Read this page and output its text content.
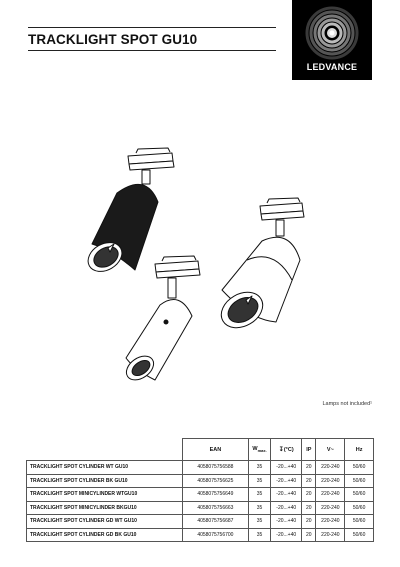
TRACKLIGHT SPOT GU10
LEDVANCE
Lamps not included¹
	EAN	$W_{max.}$	↧(°C)	IP	V~	Hz
TRACKLIGHT SPOT CYLINDER WT GU10	4058075756588	35	-20...+40	20	220-240	50/60
TRACKLIGHT SPOT CYLINDER BK GU10	4058075756625	35	-20...+40	20	220-240	50/60
TRACKLIGHT SPOT MINICYLINDER WTGU10	4058075756649	35	-20...+40	20	220-240	50/60
TRACKLIGHT SPOT MINICYLINDER BKGU10	4058075756663	35	-20...+40	20	220-240	50/60
TRACKLIGHT SPOT CYLINDER GD WT GU10	4058075756687	35	-20...+40	20	220-240	50/60
TRACKLIGHT SPOT CYLINDER GD BK GU10	4058075756700	35	-20...+40	20	220-240	50/60
